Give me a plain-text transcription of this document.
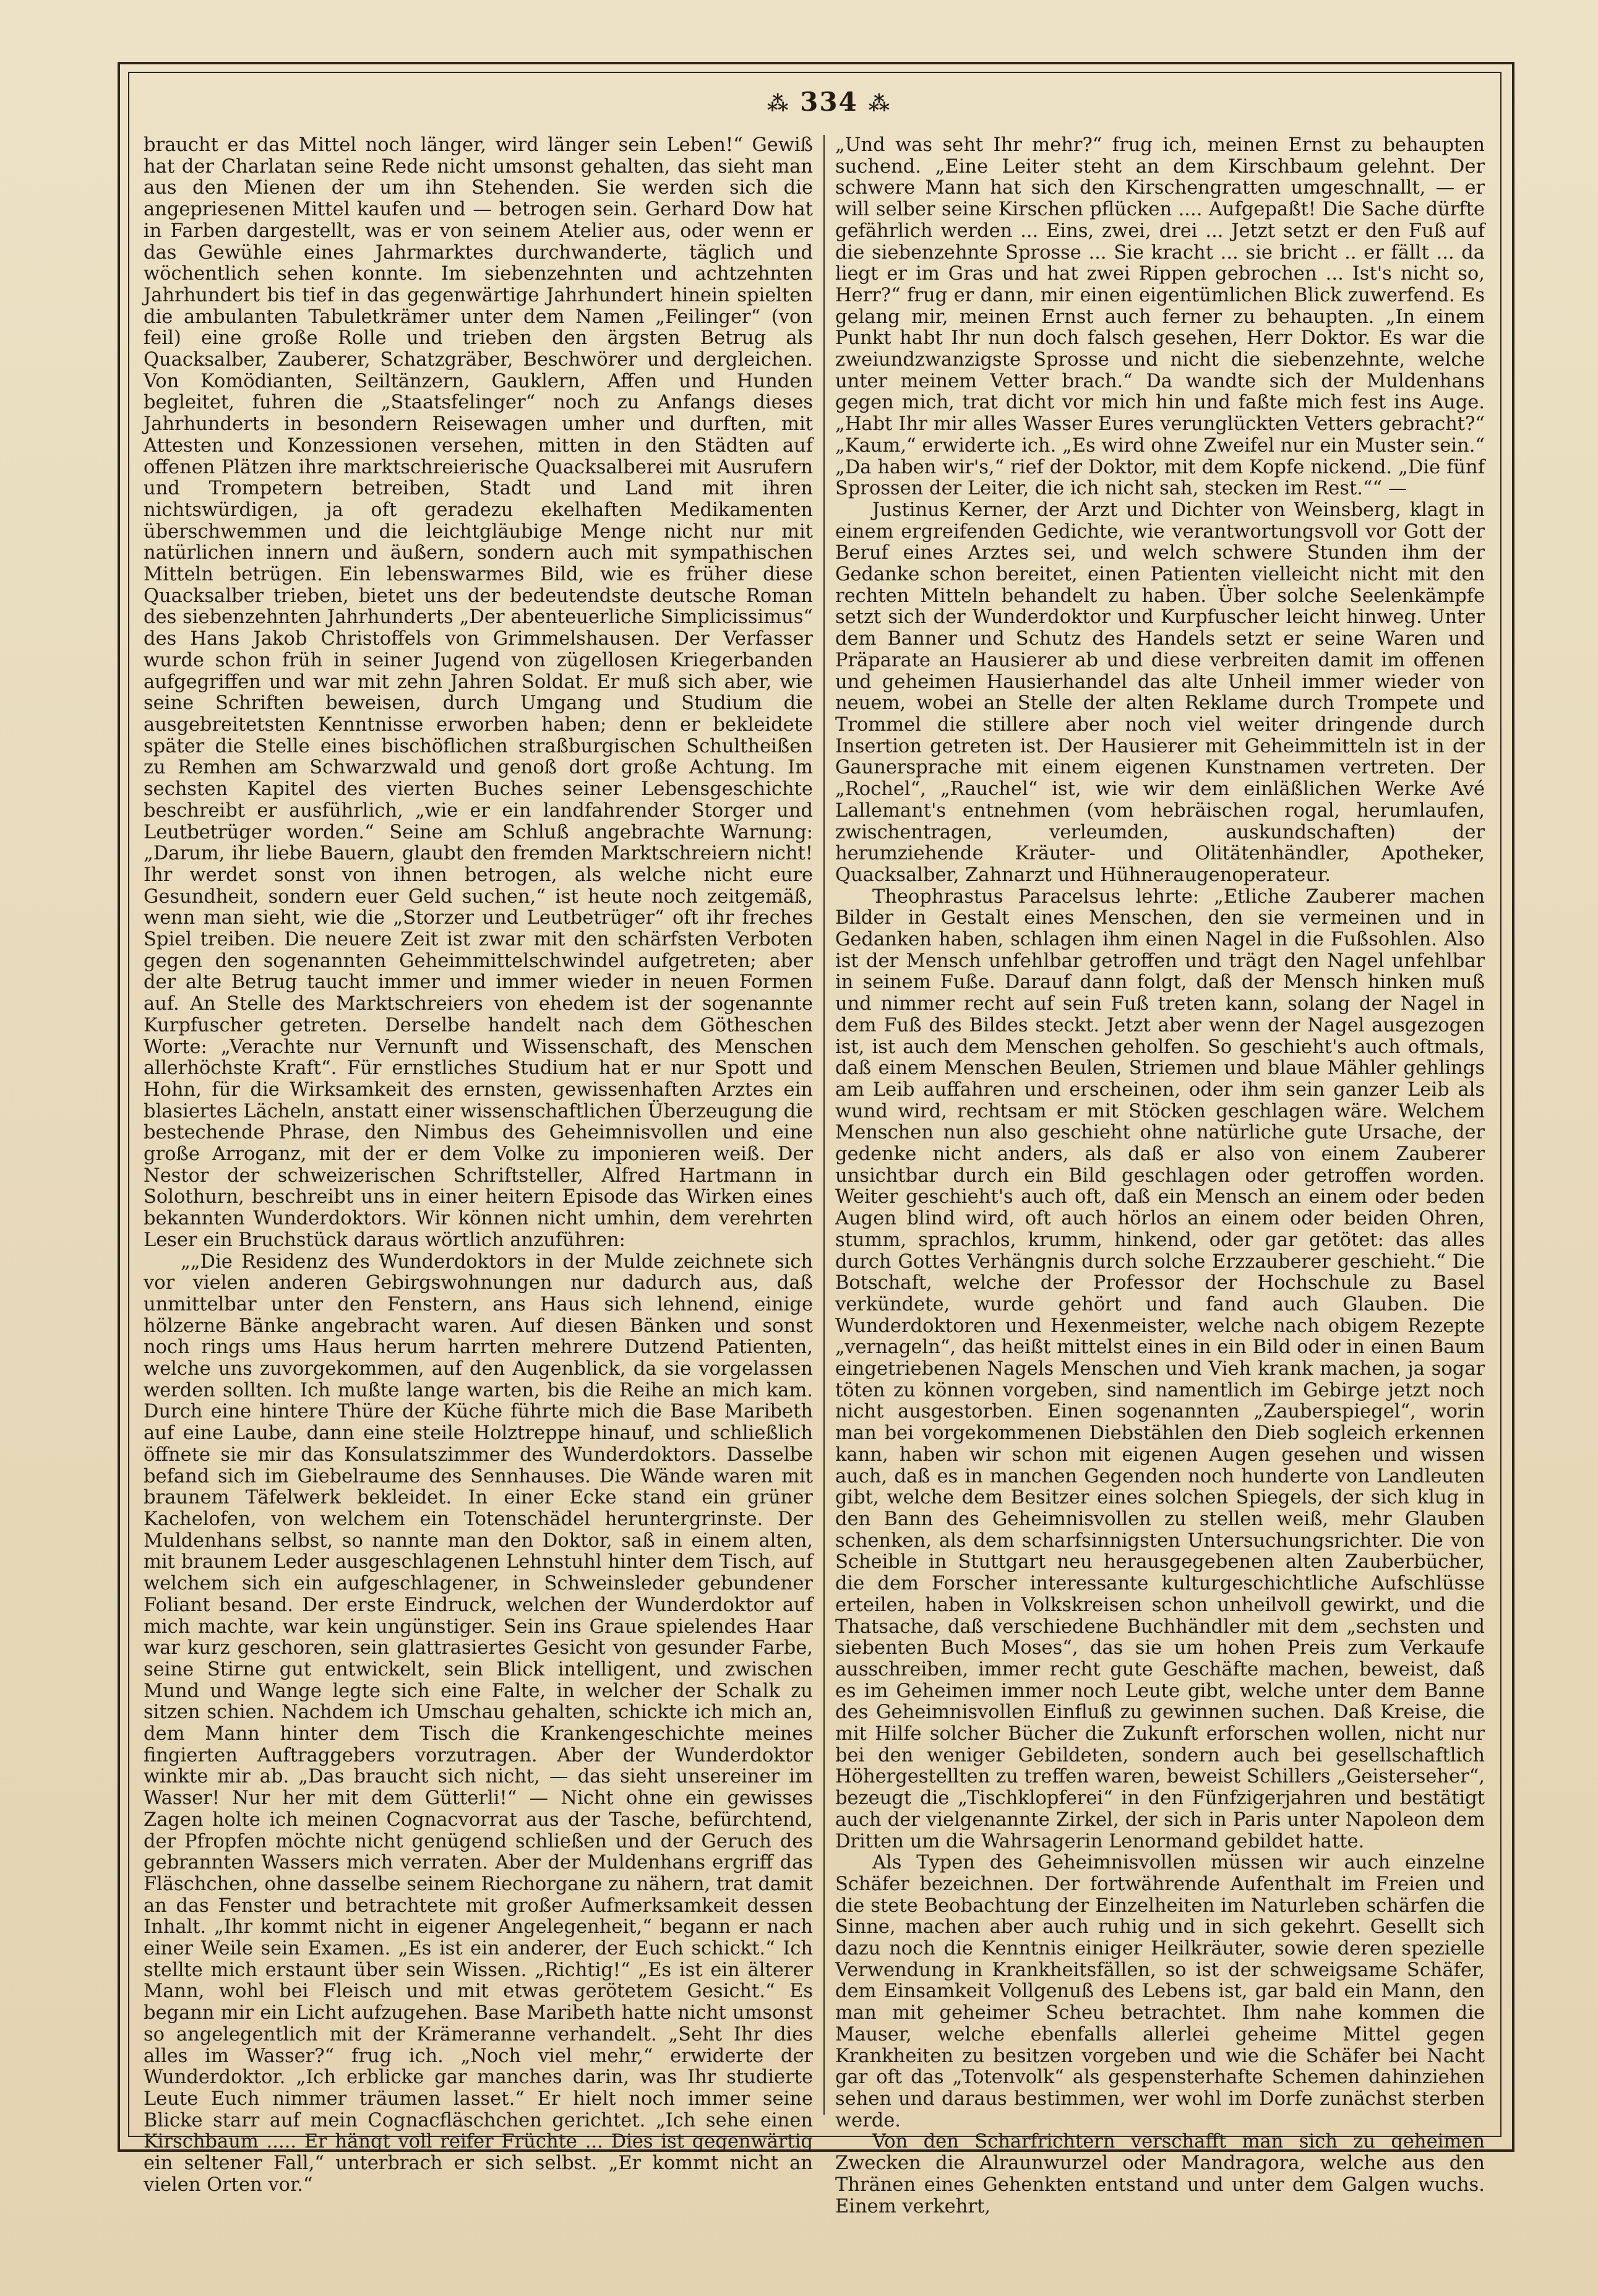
⁂ 334 ⁂

braucht er das Mittel noch länger, wird länger sein Leben!“ Gewiß hat der Charlatan seine Rede nicht umsonst gehalten, das sieht man aus den Mienen der um ihn Stehenden. Sie werden sich die angepriesenen Mittel kaufen und — betrogen sein. Gerhard Dow hat in Farben dargestellt, was er von seinem Atelier aus, oder wenn er das Gewühle eines Jahrmarktes durchwanderte, täglich und wöchentlich sehen konnte. Im siebenzehnten und achtzehnten Jahrhundert bis tief in das gegenwärtige Jahrhundert hinein spielten die ambulanten Tabuletkrämer unter dem Namen „Feilinger“ (von feil) eine große Rolle und trieben den ärgsten Betrug als Quacksalber, Zauberer, Schatzgräber, Beschwörer und dergleichen. Von Komödianten, Seiltänzern, Gauklern, Affen und Hunden begleitet, fuhren die „Staatsfelinger“ noch zu Anfangs dieses Jahrhunderts in besondern Reisewagen umher und durften, mit Attesten und Konzessionen versehen, mitten in den Städten auf offenen Plätzen ihre marktschreierische Quacksalberei mit Ausrufern und Trompetern betreiben, Stadt und Land mit ihren nichtswürdigen, ja oft geradezu ekelhaften Medikamenten überschwemmen und die leichtgläubige Menge nicht nur mit natürlichen innern und äußern, sondern auch mit sympathischen Mitteln betrügen. Ein lebenswarmes Bild, wie es früher diese Quacksalber trieben, bietet uns der bedeutendste deutsche Roman des siebenzehnten Jahrhunderts „Der abenteuerliche Simplicissimus“ des Hans Jakob Christoffels von Grimmelshausen. Der Verfasser wurde schon früh in seiner Jugend von zügellosen Kriegerbanden aufgegriffen und war mit zehn Jahren Soldat. Er muß sich aber, wie seine Schriften beweisen, durch Umgang und Studium die ausgebreitetsten Kenntnisse erworben haben; denn er bekleidete später die Stelle eines bischöflichen straßburgischen Schultheißen zu Remhen am Schwarzwald und genoß dort große Achtung. Im sechsten Kapitel des vierten Buches seiner Lebensgeschichte beschreibt er ausführlich, „wie er ein landfahrender Storger und Leutbetrüger worden.“ Seine am Schluß angebrachte Warnung: „Darum, ihr liebe Bauern, glaubt den fremden Marktschreiern nicht! Ihr werdet sonst von ihnen betrogen, als welche nicht eure Gesundheit, sondern euer Geld suchen,“ ist heute noch zeitgemäß, wenn man sieht, wie die „Storzer und Leutbetrüger“ oft ihr freches Spiel treiben. Die neuere Zeit ist zwar mit den schärfsten Verboten gegen den sogenannten Geheimmittelschwindel aufgetreten; aber der alte Betrug taucht immer und immer wieder in neuen Formen auf. An Stelle des Marktschreiers von ehedem ist der sogenannte Kurpfuscher getreten. Derselbe handelt nach dem Götheschen Worte: „Verachte nur Vernunft und Wissenschaft, des Menschen allerhöchste Kraft“. Für ernstliches Studium hat er nur Spott und Hohn, für die Wirksamkeit des ernsten, gewissenhaften Arztes ein blasiertes Lächeln, anstatt einer wissenschaftlichen Überzeugung die bestechende Phrase, den Nimbus des Geheimnisvollen und eine große Arroganz, mit der er dem Volke zu imponieren weiß. Der Nestor der schweizerischen Schriftsteller, Alfred Hartmann in Solothurn, beschreibt uns in einer heitern Episode das Wirken eines bekannten Wunderdoktors. Wir können nicht umhin, dem verehrten Leser ein Bruchstück daraus wörtlich anzuführen:

„„Die Residenz des Wunderdoktors in der Mulde zeichnete sich vor vielen anderen Gebirgswohnungen nur dadurch aus, daß unmittelbar unter den Fenstern, ans Haus sich lehnend, einige hölzerne Bänke angebracht waren. Auf diesen Bänken und sonst noch rings ums Haus herum harrten mehrere Dutzend Patienten, welche uns zuvorgekommen, auf den Augenblick, da sie vorgelassen werden sollten. Ich mußte lange warten, bis die Reihe an mich kam. Durch eine hintere Thüre der Küche führte mich die Base Maribeth auf eine Laube, dann eine steile Holztreppe hinauf, und schließlich öffnete sie mir das Konsulatszimmer des Wunderdoktors. Dasselbe befand sich im Giebelraume des Sennhauses. Die Wände waren mit braunem Täfelwerk bekleidet. In einer Ecke stand ein grüner Kachelofen, von welchem ein Totenschädel heruntergrinste. Der Muldenhans selbst, so nannte man den Doktor, saß in einem alten, mit braunem Leder ausgeschlagenen Lehnstuhl hinter dem Tisch, auf welchem sich ein aufgeschlagener, in Schweinsleder gebundener Foliant besand. Der erste Eindruck, welchen der Wunderdoktor auf mich machte, war kein ungünstiger. Sein ins Graue spielendes Haar war kurz geschoren, sein glattrasiertes Gesicht von gesunder Farbe, seine Stirne gut entwickelt, sein Blick intelligent, und zwischen Mund und Wange legte sich eine Falte, in welcher der Schalk zu sitzen schien. Nachdem ich Umschau gehalten, schickte ich mich an, dem Mann hinter dem Tisch die Krankengeschichte meines fingierten Auftraggebers vorzutragen. Aber der Wunderdoktor winkte mir ab. „Das braucht sich nicht, — das sieht unsereiner im Wasser! Nur her mit dem Gütterli!“ — Nicht ohne ein gewisses Zagen holte ich meinen Cognacvorrat aus der Tasche, befürchtend, der Pfropfen möchte nicht genügend schließen und der Geruch des gebrannten Wassers mich verraten. Aber der Muldenhans ergriff das Fläschchen, ohne dasselbe seinem Riechorgane zu nähern, trat damit an das Fenster und betrachtete mit großer Aufmerksamkeit dessen Inhalt. „Ihr kommt nicht in eigener Angelegenheit,“ begann er nach einer Weile sein Examen. „Es ist ein anderer, der Euch schickt.“ Ich stellte mich erstaunt über sein Wissen. „Richtig!“ „Es ist ein älterer Mann, wohl bei Fleisch und mit etwas gerötetem Gesicht.“ Es begann mir ein Licht aufzugehen. Base Maribeth hatte nicht umsonst so angelegentlich mit der Krämeranne verhandelt. „Seht Ihr dies alles im Wasser?“ frug ich. „Noch viel mehr,“ erwiderte der Wunderdoktor. „Ich erblicke gar manches darin, was Ihr studierte Leute Euch nimmer träumen lasset.“ Er hielt noch immer seine Blicke starr auf mein Cognacfläschchen gerichtet. „Ich sehe einen Kirschbaum ..... Er hängt voll reifer Früchte ... Dies ist gegenwärtig ein seltener Fall,“ unterbrach er sich selbst. „Er kommt nicht an vielen Orten vor.“

„Und was seht Ihr mehr?“ frug ich, meinen Ernst zu behaupten suchend. „Eine Leiter steht an dem Kirschbaum gelehnt. Der schwere Mann hat sich den Kirschengratten umgeschnallt, — er will selber seine Kirschen pflücken .... Aufgepaßt! Die Sache dürfte gefährlich werden ... Eins, zwei, drei ... Jetzt setzt er den Fuß auf die siebenzehnte Sprosse ... Sie kracht ... sie bricht .. er fällt ... da liegt er im Gras und hat zwei Rippen gebrochen ... Ist's nicht so, Herr?“ frug er dann, mir einen eigentümlichen Blick zuwerfend. Es gelang mir, meinen Ernst auch ferner zu behaupten. „In einem Punkt habt Ihr nun doch falsch gesehen, Herr Doktor. Es war die zweiundzwanzigste Sprosse und nicht die siebenzehnte, welche unter meinem Vetter brach.“ Da wandte sich der Muldenhans gegen mich, trat dicht vor mich hin und faßte mich fest ins Auge. „Habt Ihr mir alles Wasser Eures verunglückten Vetters gebracht?“ „Kaum,“ erwiderte ich. „Es wird ohne Zweifel nur ein Muster sein.“ „Da haben wir's,“ rief der Doktor, mit dem Kopfe nickend. „Die fünf Sprossen der Leiter, die ich nicht sah, stecken im Rest.““ —

Justinus Kerner, der Arzt und Dichter von Weinsberg, klagt in einem ergreifenden Gedichte, wie verantwortungsvoll vor Gott der Beruf eines Arztes sei, und welch schwere Stunden ihm der Gedanke schon bereitet, einen Patienten vielleicht nicht mit den rechten Mitteln behandelt zu haben. Über solche Seelenkämpfe setzt sich der Wunderdoktor und Kurpfuscher leicht hinweg. Unter dem Banner und Schutz des Handels setzt er seine Waren und Präparate an Hausierer ab und diese verbreiten damit im offenen und geheimen Hausierhandel das alte Unheil immer wieder von neuem, wobei an Stelle der alten Reklame durch Trompete und Trommel die stillere aber noch viel weiter dringende durch Insertion getreten ist. Der Hausierer mit Geheimmitteln ist in der Gaunersprache mit einem eigenen Kunstnamen vertreten. Der „Rochel“, „Rauchel“ ist, wie wir dem einläßlichen Werke Avé Lallemant's entnehmen (vom hebräischen rogal, herumlaufen, zwischentragen, verleumden, auskundschaften) der herumziehende Kräuter- und Olitätenhändler, Apotheker, Quacksalber, Zahnarzt und Hühneraugenoperateur.

Theophrastus Paracelsus lehrte: „Etliche Zauberer machen Bilder in Gestalt eines Menschen, den sie vermeinen und in Gedanken haben, schlagen ihm einen Nagel in die Fußsohlen. Also ist der Mensch unfehlbar getroffen und trägt den Nagel unfehlbar in seinem Fuße. Darauf dann folgt, daß der Mensch hinken muß und nimmer recht auf sein Fuß treten kann, solang der Nagel in dem Fuß des Bildes steckt. Jetzt aber wenn der Nagel ausgezogen ist, ist auch dem Menschen geholfen. So geschieht's auch oftmals, daß einem Menschen Beulen, Striemen und blaue Mähler gehlings am Leib auffahren und erscheinen, oder ihm sein ganzer Leib als wund wird, rechtsam er mit Stöcken geschlagen wäre. Welchem Menschen nun also geschieht ohne natürliche gute Ursache, der gedenke nicht anders, als daß er also von einem Zauberer unsichtbar durch ein Bild geschlagen oder getroffen worden. Weiter geschieht's auch oft, daß ein Mensch an einem oder beden Augen blind wird, oft auch hörlos an einem oder beiden Ohren, stumm, sprachlos, krumm, hinkend, oder gar getötet: das alles durch Gottes Verhängnis durch solche Erzzauberer geschieht.“ Die Botschaft, welche der Professor der Hochschule zu Basel verkündete, wurde gehört und fand auch Glauben. Die Wunderdoktoren und Hexenmeister, welche nach obigem Rezepte „vernageln“, das heißt mittelst eines in ein Bild oder in einen Baum eingetriebenen Nagels Menschen und Vieh krank machen, ja sogar töten zu können vorgeben, sind namentlich im Gebirge jetzt noch nicht ausgestorben. Einen sogenannten „Zauberspiegel“, worin man bei vorgekommenen Diebstählen den Dieb sogleich erkennen kann, haben wir schon mit eigenen Augen gesehen und wissen auch, daß es in manchen Gegenden noch hunderte von Landleuten gibt, welche dem Besitzer eines solchen Spiegels, der sich klug in den Bann des Geheimnisvollen zu stellen weiß, mehr Glauben schenken, als dem scharfsinnigsten Untersuchungsrichter. Die von Scheible in Stuttgart neu herausgegebenen alten Zauberbücher, die dem Forscher interessante kulturgeschichtliche Aufschlüsse erteilen, haben in Volkskreisen schon unheilvoll gewirkt, und die Thatsache, daß verschiedene Buchhändler mit dem „sechsten und siebenten Buch Moses“, das sie um hohen Preis zum Verkaufe ausschreiben, immer recht gute Geschäfte machen, beweist, daß es im Geheimen immer noch Leute gibt, welche unter dem Banne des Geheimnisvollen Einfluß zu gewinnen suchen. Daß Kreise, die mit Hilfe solcher Bücher die Zukunft erforschen wollen, nicht nur bei den weniger Gebildeten, sondern auch bei gesellschaftlich Höhergestellten zu treffen waren, beweist Schillers „Geisterseher“, bezeugt die „Tischklopferei“ in den Fünfzigerjahren und bestätigt auch der vielgenannte Zirkel, der sich in Paris unter Napoleon dem Dritten um die Wahrsagerin Lenormand gebildet hatte.

Als Typen des Geheimnisvollen müssen wir auch einzelne Schäfer bezeichnen. Der fortwährende Aufenthalt im Freien und die stete Beobachtung der Einzelheiten im Naturleben schärfen die Sinne, machen aber auch ruhig und in sich gekehrt. Gesellt sich dazu noch die Kenntnis einiger Heilkräuter, sowie deren spezielle Verwendung in Krankheitsfällen, so ist der schweigsame Schäfer, dem Einsamkeit Vollgenuß des Lebens ist, gar bald ein Mann, den man mit geheimer Scheu betrachtet. Ihm nahe kommen die Mauser, welche ebenfalls allerlei geheime Mittel gegen Krankheiten zu besitzen vorgeben und wie die Schäfer bei Nacht gar oft das „Totenvolk“ als gespensterhafte Schemen dahinziehen sehen und daraus bestimmen, wer wohl im Dorfe zunächst sterben werde.

Von den Scharfrichtern verschafft man sich zu geheimen Zwecken die Alraunwurzel oder Mandragora, welche aus den Thränen eines Gehenkten entstand und unter dem Galgen wuchs. Einem verkehrt,
